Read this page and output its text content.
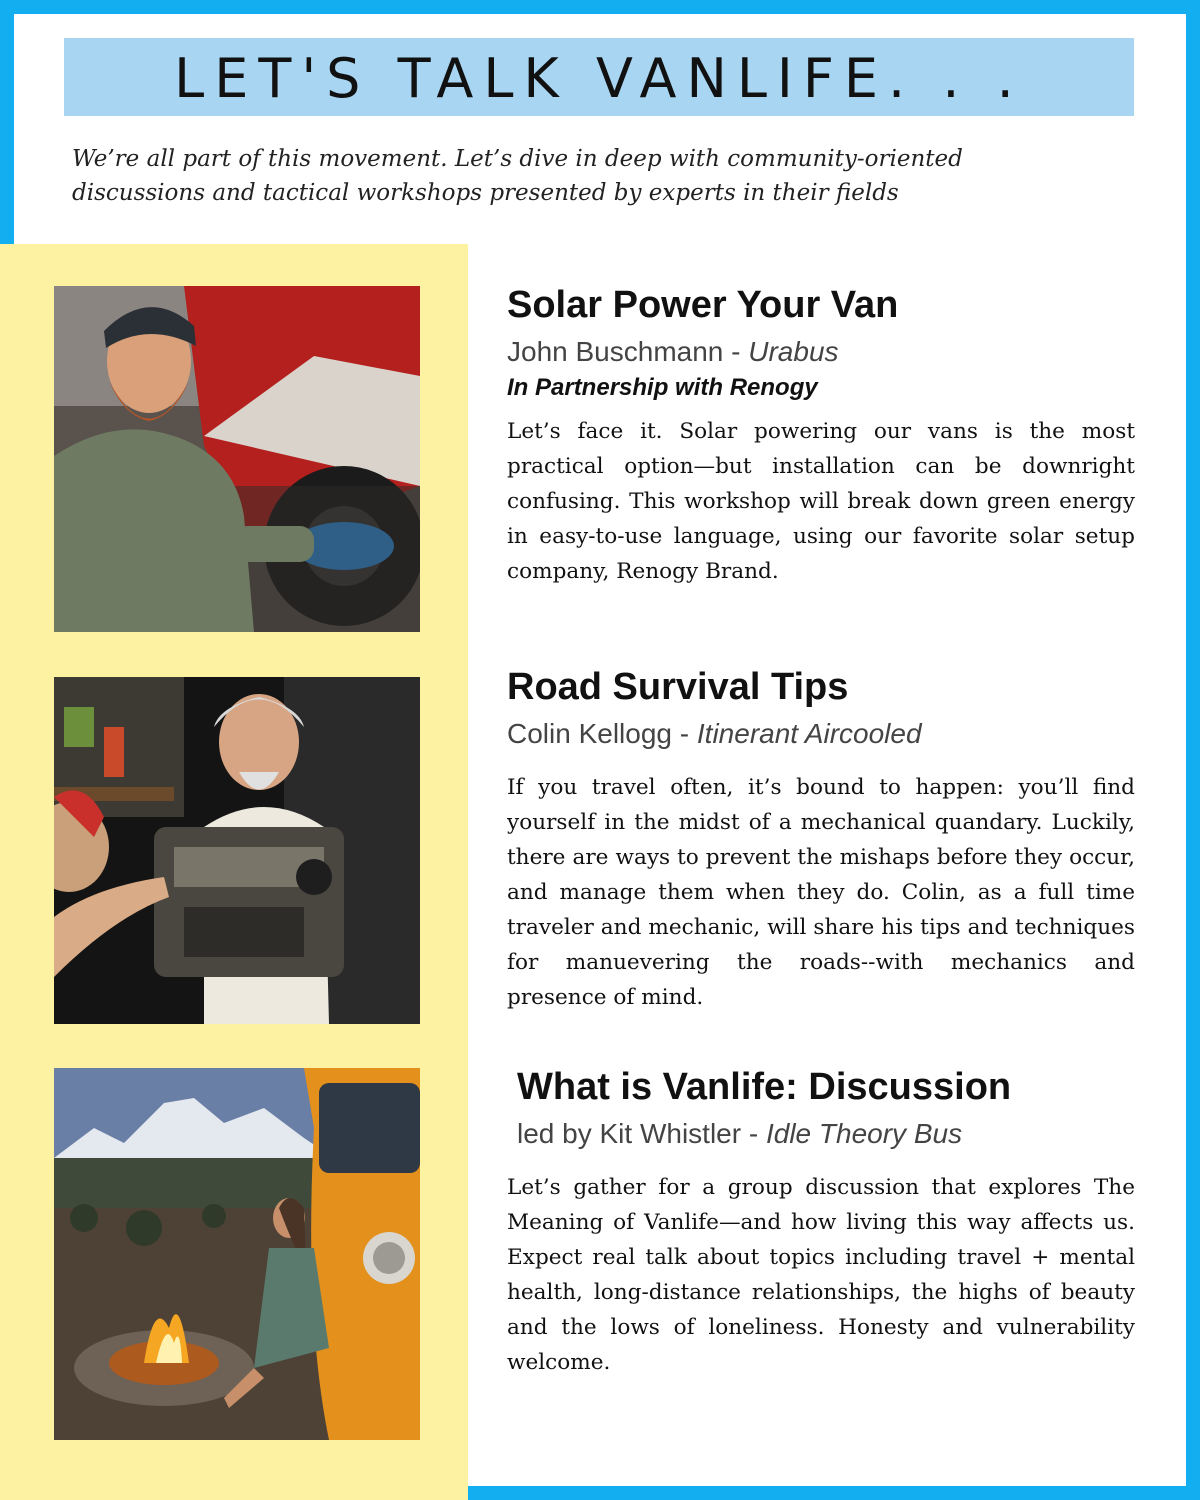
LET'S TALK VANLIFE. . .
We’re all part of this movement. Let’s dive in deep with community-oriented discussions and tactical workshops presented by experts in their fields
Solar Power Your Van
John Buschmann - Urabus
In Partnership with Renogy
Let’s face it. Solar powering our vans is the most practical option—but installation can be downright confusing. This workshop will break down green energy in easy-to-use language, using our favorite solar setup company, Renogy Brand.
Road Survival Tips
Colin Kellogg - Itinerant Aircooled
If you travel often, it’s bound to happen: you’ll find yourself in the midst of a mechanical quandary. Luckily, there are ways to prevent the mishaps before they occur, and manage them when they do. Colin, as a full time traveler and mechanic, will share his tips and techniques for manuevering the roads--with mechanics and presence of mind.
What is Vanlife: Discussion
led by Kit Whistler - Idle Theory Bus
Let’s gather for a group discussion that explores The Meaning of Vanlife—and how living this way affects us. Expect real talk about topics including travel + mental health, long-distance relationships, the highs of beauty and the lows of loneliness. Honesty and vulnerability welcome.
